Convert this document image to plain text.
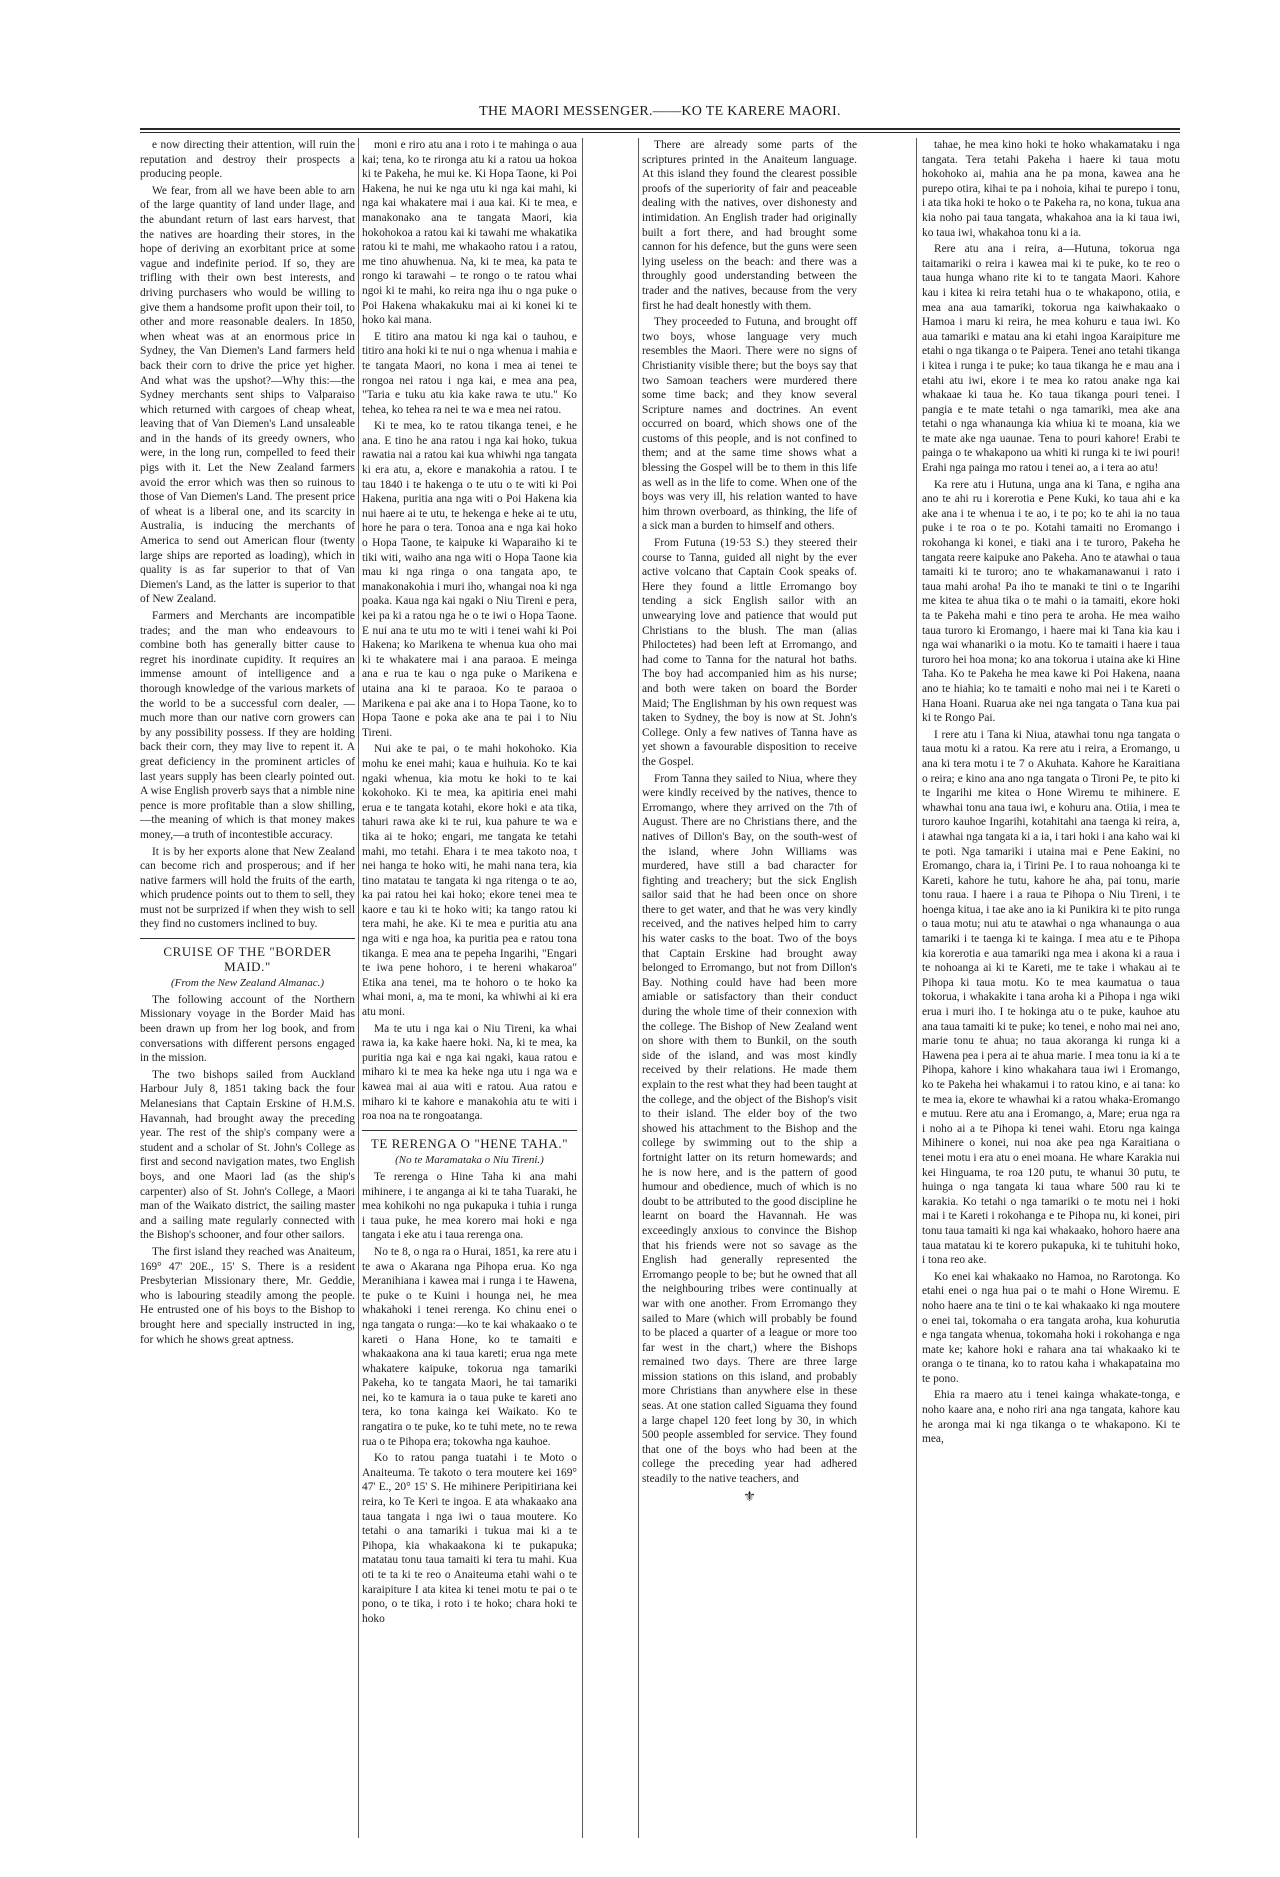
THE MAORI MESSENGER.——KO TE KARERE MAORI.

e now directing their attention, will ruin the reputation and destroy their prospects a producing people.

We fear, from all we have been able to arn of the large quantity of land under llage, and the abundant return of last ears harvest, that the natives are hoarding their stores, in the hope of deriving an exorbitant price at some vague and indefinite period. If so, they are trifling with their own best interests, and driving purchasers who would be willing to give them a handsome profit upon their toil, to other and more reasonable dealers. In 1850, when wheat was at an enormous price in Sydney, the Van Diemen's Land farmers held back their corn to drive the price yet higher. And what was the upshot?—Why this:—the Sydney merchants sent ships to Valparaiso which returned with cargoes of cheap wheat, leaving that of Van Diemen's Land unsaleable and in the hands of its greedy owners, who were, in the long run, compelled to feed their pigs with it. Let the New Zealand farmers avoid the error which was then so ruinous to those of Van Diemen's Land. The present price of wheat is a liberal one, and its scarcity in Australia, is inducing the merchants of America to send out American flour (twenty large ships are reported as loading), which in quality is as far superior to that of Van Diemen's Land, as the latter is superior to that of New Zealand.

Farmers and Merchants are incompatible trades; and the man who endeavours to combine both has generally bitter cause to regret his inordinate cupidity. It requires an immense amount of intelligence and a thorough knowledge of the various markets of the world to be a successful corn dealer, —much more than our native corn growers can by any possibility possess. If they are holding back their corn, they may live to repent it. A great deficiency in the prominent articles of last years supply has been clearly pointed out. A wise English proverb says that a nimble nine pence is more profitable than a slow shilling,—the meaning of which is that money makes money,—a truth of incontestible accuracy.

It is by her exports alone that New Zealand can become rich and prosperous; and if her native farmers will hold the fruits of the earth, which prudence points out to them to sell, they must not be surprized if when they wish to sell they find no customers inclined to buy.

CRUISE OF THE "BORDER MAID."

(From the New Zealand Almanac.)

The following account of the Northern Missionary voyage in the Border Maid has been drawn up from her log book, and from conversations with different persons engaged in the mission.

The two bishops sailed from Auckland Harbour July 8, 1851 taking back the four Melanesians that Captain Erskine of H.M.S. Havannah, had brought away the preceding year. The rest of the ship's company were a student and a scholar of St. John's College as first and second navigation mates, two English boys, and one Maori lad (as the ship's carpenter) also of St. John's College, a Maori man of the Waikato district, the sailing master and a sailing mate regularly connected with the Bishop's schooner, and four other sailors.

The first island they reached was Anaiteum, 169° 47' 20E., 15' S. There is a resident Presbyterian Missionary there, Mr. Geddie, who is labouring steadily among the people. He entrusted one of his boys to the Bishop to brought here and specially instructed in ing, for which he shows great aptness.

moni e riro atu ana i roto i te mahinga o aua kai; tena, ko te rironga atu ki a ratou ua hokoa ki te Pakeha, he mui ke. Ki Hopa Taone, ki Poi Hakena, he nui ke nga utu ki nga kai mahi, ki nga kai whakatere mai i aua kai. Ki te mea, e manakonako ana te tangata Maori, kia hokohokoa a ratou kai ki tawahi me whakatika ratou ki te mahi, me whakaoho ratou i a ratou, me tino ahuwhenua. Na, ki te mea, ka pata te rongo ki tarawahi – te rongo o te ratou whai ngoi ki te mahi, ko reira nga ihu o nga puke o Poi Hakena whakakuku mai ai ki konei ki te hoko kai mana.

E titiro ana matou ki nga kai o tauhou, e titiro ana hoki ki te nui o nga whenua i mahia e te tangata Maori, no kona i mea ai tenei te rongoa nei ratou i nga kai, e mea ana pea, "Taria e tuku atu kia kake rawa te utu." Ko tehea, ko tehea ra nei te wa e mea nei ratou.

Ki te mea, ko te ratou tikanga tenei, e he ana. E tino he ana ratou i nga kai hoko, tukua rawatia nai a ratou kai kua whiwhi nga tangata ki era atu, a, ekore e manakohia a ratou. I te tau 1840 i te hakenga o te utu o te witi ki Poi Hakena, puritia ana nga witi o Poi Hakena kia nui haere ai te utu, te hekenga e heke ai te utu, hore he para o tera. Tonoa ana e nga kai hoko o Hopa Taone, te kaipuke ki Waparaiho ki te tiki witi, waiho ana nga witi o Hopa Taone kia mau ki nga ringa o ona tangata apo, te manakonakohia i muri iho, whangai noa ki nga poaka. Kaua nga kai ngaki o Niu Tireni e pera, kei pa ki a ratou nga he o te iwi o Hopa Taone. E nui ana te utu mo te witi i tenei wahi ki Poi Hakena; ko Marikena te whenua kua oho mai ki te whakatere mai i ana paraoa. E meinga ana e rua te kau o nga puke o Marikena e utaina ana ki te paraoa. Ko te paraoa o Marikena e pai ake ana i to Hopa Taone, ko to Hopa Taone e poka ake ana te pai i to Niu Tireni.

Nui ake te pai, o te mahi hokohoko. Kia mohu ke enei mahi; kaua e huihuia. Ko te kai ngaki whenua, kia motu ke hoki to te kai kokohoko. Ki te mea, ka apitiria enei mahi erua e te tangata kotahi, ekore hoki e ata tika, tahuri rawa ake ki te rui, kua pahure te wa e tika ai te hoko; engari, me tangata ke tetahi mahi, mo tetahi. Ehara i te mea takoto noa, t nei hanga te hoko witi, he mahi nana tera, kia tino matatau te tangata ki nga ritenga o te ao, ka pai ratou hei kai hoko; ekore tenei mea te kaore e tau ki te hoko witi; ka tango ratou ki tera mahi, he ake. Ki te mea e puritia atu ana nga witi e nga hoa, ka puritia pea e ratou tona tikanga. E mea ana te pepeha Ingarihi, "Engari te iwa pene hohoro, i te hereni whakaroa" Etika ana tenei, ma te hohoro o te hoko ka whai moni, a, ma te moni, ka whiwhi ai ki era atu moni.

Ma te utu i nga kai o Niu Tireni, ka whai rawa ia, ka kake haere hoki. Na, ki te mea, ka puritia nga kai e nga kai ngaki, kaua ratou e miharo ki te mea ka heke nga utu i nga wa e kawea mai ai aua witi e ratou. Aua ratou e miharo ki te kahore e manakohia atu te witi i roa noa na te rongoatanga.

TE RERENGA O "HENE TAHA."

(No te Maramataka o Niu Tireni.)

Te rerenga o Hine Taha ki ana mahi mihinere, i te anganga ai ki te taha Tuaraki, he mea kohikohi no nga pukapuka i tuhia i runga i taua puke, he mea korero mai hoki e nga tangata i eke atu i taua rerenga ona.

No te 8, o nga ra o Hurai, 1851, ka rere atu i te awa o Akarana nga Pihopa erua. Ko nga Meranihiana i kawea mai i runga i te Hawena, te puke o te Kuini i hounga nei, he mea whakahoki i tenei rerenga. Ko chinu enei o nga tangata o runga:—ko te kai whakaako o te kareti o Hana Hone, ko te tamaiti e whakaakona ana ki taua kareti; erua nga mete whakatere kaipuke, tokorua nga tamariki Pakeha, ko te tangata Maori, he tai tamariki nei, ko te kamura ia o taua puke te kareti ano tera, ko tona kainga kei Waikato. Ko te rangatira o te puke, ko te tuhi mete, no te rewa rua o te Pihopa era; tokowha nga kauhoe.

Ko to ratou panga tuatahi i te Moto o Anaiteuma. Te takoto o tera moutere kei 169° 47' E., 20° 15' S. He mihinere Peripitiriana kei reira, ko Te Keri te ingoa. E ata whakaako ana taua tangata i nga iwi o taua moutere. Ko tetahi o ana tamariki i tukua mai ki a te Pihopa, kia whakaakona ki te pukapuka; matatau tonu taua tamaiti ki tera tu mahi. Kua oti te ta ki te reo o Anaiteuma etahi wahi o te karaipiture I ata kitea ki tenei motu te pai o te pono, o te tika, i roto i te hoko; chara hoki te hoko

There are already some parts of the scriptures printed in the Anaiteum language. At this island they found the clearest possible proofs of the superiority of fair and peaceable dealing with the natives, over dishonesty and intimidation. An English trader had originally built a fort there, and had brought some cannon for his defence, but the guns were seen lying useless on the beach: and there was a throughly good understanding between the trader and the natives, because from the very first he had dealt honestly with them.

They proceeded to Futuna, and brought off two boys, whose language very much resembles the Maori. There were no signs of Christianity visible there; but the boys say that two Samoan teachers were murdered there some time back; and they know several Scripture names and doctrines. An event occurred on board, which shows one of the customs of this people, and is not confined to them; and at the same time shows what a blessing the Gospel will be to them in this life as well as in the life to come. When one of the boys was very ill, his relation wanted to have him thrown overboard, as thinking, the life of a sick man a burden to himself and others.

From Futuna (19·53 S.) they steered their course to Tanna, guided all night by the ever active volcano that Captain Cook speaks of. Here they found a little Erromango boy tending a sick English sailor with an unwearying love and patience that would put Christians to the blush. The man (alias Philoctetes) had been left at Erromango, and had come to Tanna for the natural hot baths. The boy had accompanied him as his nurse; and both were taken on board the Border Maid; The Englishman by his own request was taken to Sydney, the boy is now at St. John's College. Only a few natives of Tanna have as yet shown a favourable disposition to receive the Gospel.

From Tanna they sailed to Niua, where they were kindly received by the natives, thence to Erromango, where they arrived on the 7th of August. There are no Christians there, and the natives of Dillon's Bay, on the south-west of the island, where John Williams was murdered, have still a bad character for fighting and treachery; but the sick English sailor said that he had been once on shore there to get water, and that he was very kindly received, and the natives helped him to carry his water casks to the boat. Two of the boys that Captain Erskine had brought away belonged to Erromango, but not from Dillon's Bay. Nothing could have had been more amiable or satisfactory than their conduct during the whole time of their connexion with the college. The Bishop of New Zealand went on shore with them to Bunkil, on the south side of the island, and was most kindly received by their relations. He made them explain to the rest what they had been taught at the college, and the object of the Bishop's visit to their island. The elder boy of the two showed his attachment to the Bishop and the college by swimming out to the ship a fortnight latter on its return homewards; and he is now here, and is the pattern of good humour and obedience, much of which is no doubt to be attributed to the good discipline he learnt on board the Havannah. He was exceedingly anxious to convince the Bishop that his friends were not so savage as the English had generally represented the Erromango people to be; but he owned that all the neighbouring tribes were continually at war with one another. From Erromango they sailed to Mare (which will probably be found to be placed a quarter of a league or more too far west in the chart,) where the Bishops remained two days. There are three large mission stations on this island, and probably more Christians than anywhere else in these seas. At one station called Siguama they found a large chapel 120 feet long by 30, in which 500 people assembled for service. They found that one of the boys who had been at the college the preceding year had adhered steadily to the native teachers, and

⚜

tahae, he mea kino hoki te hoko whakamataku i nga tangata. Tera tetahi Pakeha i haere ki taua motu hokohoko ai, mahia ana he pa mona, kawea ana he purepo otira, kihai te pa i nohoia, kihai te purepo i tonu, i ata tika hoki te hoko o te Pakeha ra, no kona, tukua ana kia noho pai taua tangata, whakahoa ana ia ki taua iwi, ko taua iwi, whakahoa tonu ki a ia.

Rere atu ana i reira, a—Hutuna, tokorua nga taitamariki o reira i kawea mai ki te puke, ko te reo o taua hunga whano rite ki to te tangata Maori. Kahore kau i kitea ki reira tetahi hua o te whakapono, otiia, e mea ana aua tamariki, tokorua nga kaiwhakaako o Hamoa i maru ki reira, he mea kohuru e taua iwi. Ko aua tamariki e matau ana ki etahi ingoa Karaipiture me etahi o nga tikanga o te Paipera. Tenei ano tetahi tikanga i kitea i runga i te puke; ko taua tikanga he e mau ana i etahi atu iwi, ekore i te mea ko ratou anake nga kai whakaae ki taua he. Ko taua tikanga pouri tenei. I pangia e te mate tetahi o nga tamariki, mea ake ana tetahi o nga whanaunga kia whiua ki te moana, kia we te mate ake nga uaunae. Tena to pouri kahore! Erabi te painga o te whakapono ua whiti ki runga ki te iwi pouri! Erahi nga painga mo ratou i tenei ao, a i tera ao atu!

Ka rere atu i Hutuna, unga ana ki Tana, e ngiha ana ano te ahi ru i korerotia e Pene Kuki, ko taua ahi e ka ake ana i te whenua i te ao, i te po; ko te ahi ia no taua puke i te roa o te po. Kotahi tamaiti no Eromango i rokohanga ki konei, e tiaki ana i te turoro, Pakeha he tangata reere kaipuke ano Pakeha. Ano te atawhai o taua tamaiti ki te turoro; ano te whakamanawanui i rato i taua mahi aroha! Pa iho te manaki te tini o te Ingarihi me kitea te ahua tika o te mahi o ia tamaiti, ekore hoki ta te Pakeha mahi e tino pera te aroha. He mea waiho taua turoro ki Eromango, i haere mai ki Tana kia kau i nga wai whanariki o ia motu. Ko te tamaiti i haere i taua turoro hei hoa mona; ko ana tokorua i utaina ake ki Hine Taha. Ko te Pakeha he mea kawe ki Poi Hakena, naana ano te hiahia; ko te tamaiti e noho mai nei i te Kareti o Hana Hoani. Ruarua ake nei nga tangata o Tana kua pai ki te Rongo Pai.

I rere atu i Tana ki Niua, atawhai tonu nga tangata o taua motu ki a ratou. Ka rere atu i reira, a Eromango, u ana ki tera motu i te 7 o Akuhata. Kahore he Karaitiana o reira; e kino ana ano nga tangata o Tironi Pe, te pito ki te Ingarihi me kitea o Hone Wiremu te mihinere. E whawhai tonu ana taua iwi, e kohuru ana. Otiia, i mea te turoro kauhoe Ingarihi, kotahitahi ana taenga ki reira, a, i atawhai nga tangata ki a ia, i tari hoki i ana kaho wai ki te poti. Nga tamariki i utaina mai e Pene Eakini, no Eromango, chara ia, i Tirini Pe. I to raua nohoanga ki te Kareti, kahore he tutu, kahore he aha, pai tonu, marie tonu raua. I haere i a raua te Pihopa o Niu Tireni, i te hoenga kitua, i tae ake ano ia ki Punikira ki te pito runga o taua motu; nui atu te atawhai o nga whanaunga o aua tamariki i te taenga ki te kainga. I mea atu e te Pihopa kia korerotia e aua tamariki nga mea i akona ki a raua i te nohoanga ai ki te Kareti, me te take i whakau ai te Pihopa ki taua motu. Ko te mea kaumatua o taua tokorua, i whakakite i tana aroha ki a Pihopa i nga wiki erua i muri iho. I te hokinga atu o te puke, kauhoe atu ana taua tamaiti ki te puke; ko tenei, e noho mai nei ano, marie tonu te ahua; no taua akoranga ki runga ki a Hawena pea i pera ai te ahua marie. I mea tonu ia ki a te Pihopa, kahore i kino whakahara taua iwi i Eromango, ko te Pakeha hei whakamui i to ratou kino, e ai tana: ko te mea ia, ekore te whawhai ki a ratou whaka-Eromango e mutuu. Rere atu ana i Eromango, a, Mare; erua nga ra i noho ai a te Pihopa ki tenei wahi. Etoru nga kainga Mihinere o konei, nui noa ake pea nga Karaitiana o tenei motu i era atu o enei moana. He whare Karakia nui kei Hinguama, te roa 120 putu, te whanui 30 putu, te huinga o nga tangata ki taua whare 500 rau ki te karakia. Ko tetahi o nga tamariki o te motu nei i hoki mai i te Kareti i rokohanga e te Pihopa nu, ki konei, piri tonu taua tamaiti ki nga kai whakaako, hohoro haere ana taua matatau ki te korero pukapuka, ki te tuhituhi hoko, i tona reo ake.

Ko enei kai whakaako no Hamoa, no Rarotonga. Ko etahi enei o nga hua pai o te mahi o Hone Wiremu. E noho haere ana te tini o te kai whakaako ki nga moutere o enei tai, tokomaha o era tangata aroha, kua kohurutia e nga tangata whenua, tokomaha hoki i rokohanga e nga mate ke; kahore hoki e rahara ana tai whakaako ki te oranga o te tinana, ko to ratou kaha i whakapataina mo te pono.

Ehia ra maero atu i tenei kainga whakate-tonga, e noho kaare ana, e noho riri ana nga tangata, kahore kau he aronga mai ki nga tikanga o te whakapono. Ki te mea,
